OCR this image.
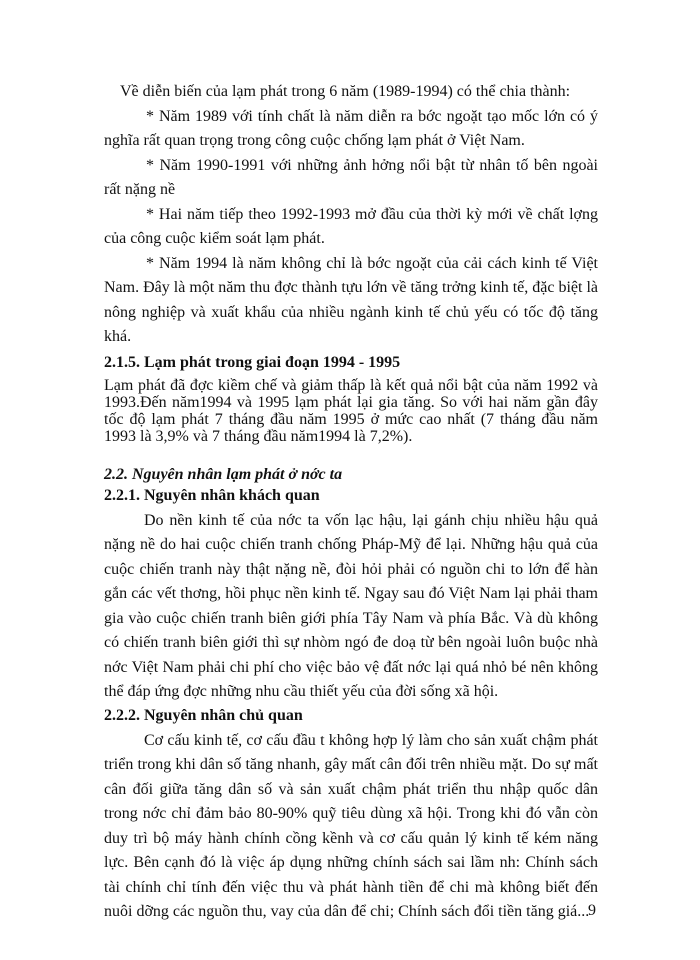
Về diễn biến của lạm phát trong 6 năm (1989-1994) có thể chia thành:

* Năm 1989 với tính chất là năm diễn ra bớc ngoặt tạo mốc lớn có ý nghĩa rất quan trọng trong công cuộc chống lạm phát ở Việt Nam.

* Năm 1990-1991 với những ảnh hởng nổi bật từ nhân tố bên ngoài rất nặng nề

* Hai năm tiếp theo 1992-1993 mở đầu của thời kỳ mới về chất lợng của công cuộc kiểm soát lạm phát.

* Năm 1994 là năm không chỉ là bớc ngoặt của cải cách kinh tế Việt Nam. Đây là một năm thu đợc thành tựu lớn về tăng trởng kinh tế, đặc biệt là nông nghiệp và xuất khẩu của nhiều ngành kinh tế chủ yếu có tốc độ tăng khá.

2.1.5. Lạm phát trong giai đoạn 1994 - 1995

Lạm phát đã đợc kiềm chế và giảm thấp là kết quả nổi bật của năm 1992 và 1993.Đến năm1994 và 1995 lạm phát lại gia tăng. So với hai năm gần đây tốc độ lạm phát 7 tháng đầu năm 1995 ở mức cao nhất (7 tháng đầu năm 1993 là 3,9% và 7 tháng đầu năm1994 là 7,2%).

2.2. Nguyên nhân lạm phát ở nớc ta

2.2.1. Nguyên nhân khách quan

Do nền kinh tế của nớc ta vốn lạc hậu, lại gánh chịu nhiều hậu quả nặng nề do hai cuộc chiến tranh chống Pháp-Mỹ để lại. Những hậu quả của cuộc chiến tranh này thật nặng nề, đòi hỏi phải có nguồn chi to lớn để hàn gắn các vết thơng, hồi phục nền kinh tế. Ngay sau đó Việt Nam lại phải tham gia vào cuộc chiến tranh biên giới phía Tây Nam và phía Bắc. Và dù không có chiến tranh biên giới thì sự nhòm ngó đe doạ từ bên ngoài luôn buộc nhà nớc Việt Nam phải chi phí cho việc bảo vệ đất nớc lại quá nhỏ bé nên không thể đáp ứng đợc những nhu cầu thiết yếu của đời sống xã hội.

2.2.2. Nguyên nhân chủ quan

Cơ cấu kinh tế, cơ cấu đầu t không hợp lý làm cho sản xuất chậm phát triển trong khi dân số tăng nhanh, gây mất cân đối trên nhiều mặt. Do sự mất cân đối giữa tăng dân số và sản xuất chậm phát triển thu nhập quốc dân trong nớc chỉ đảm bảo 80-90% quỹ tiêu dùng xã hội. Trong khi đó vẫn còn duy trì bộ máy hành chính cồng kềnh và cơ cấu quản lý kinh tế kém năng lực. Bên cạnh đó là việc áp dụng những chính sách sai lầm nh: Chính sách tài chính chỉ tính đến việc thu và phát hành tiền để chi mà không biết đến nuôi dỡng các nguồn thu, vay của dân để chi; Chính sách đổi tiền tăng giá...

9
